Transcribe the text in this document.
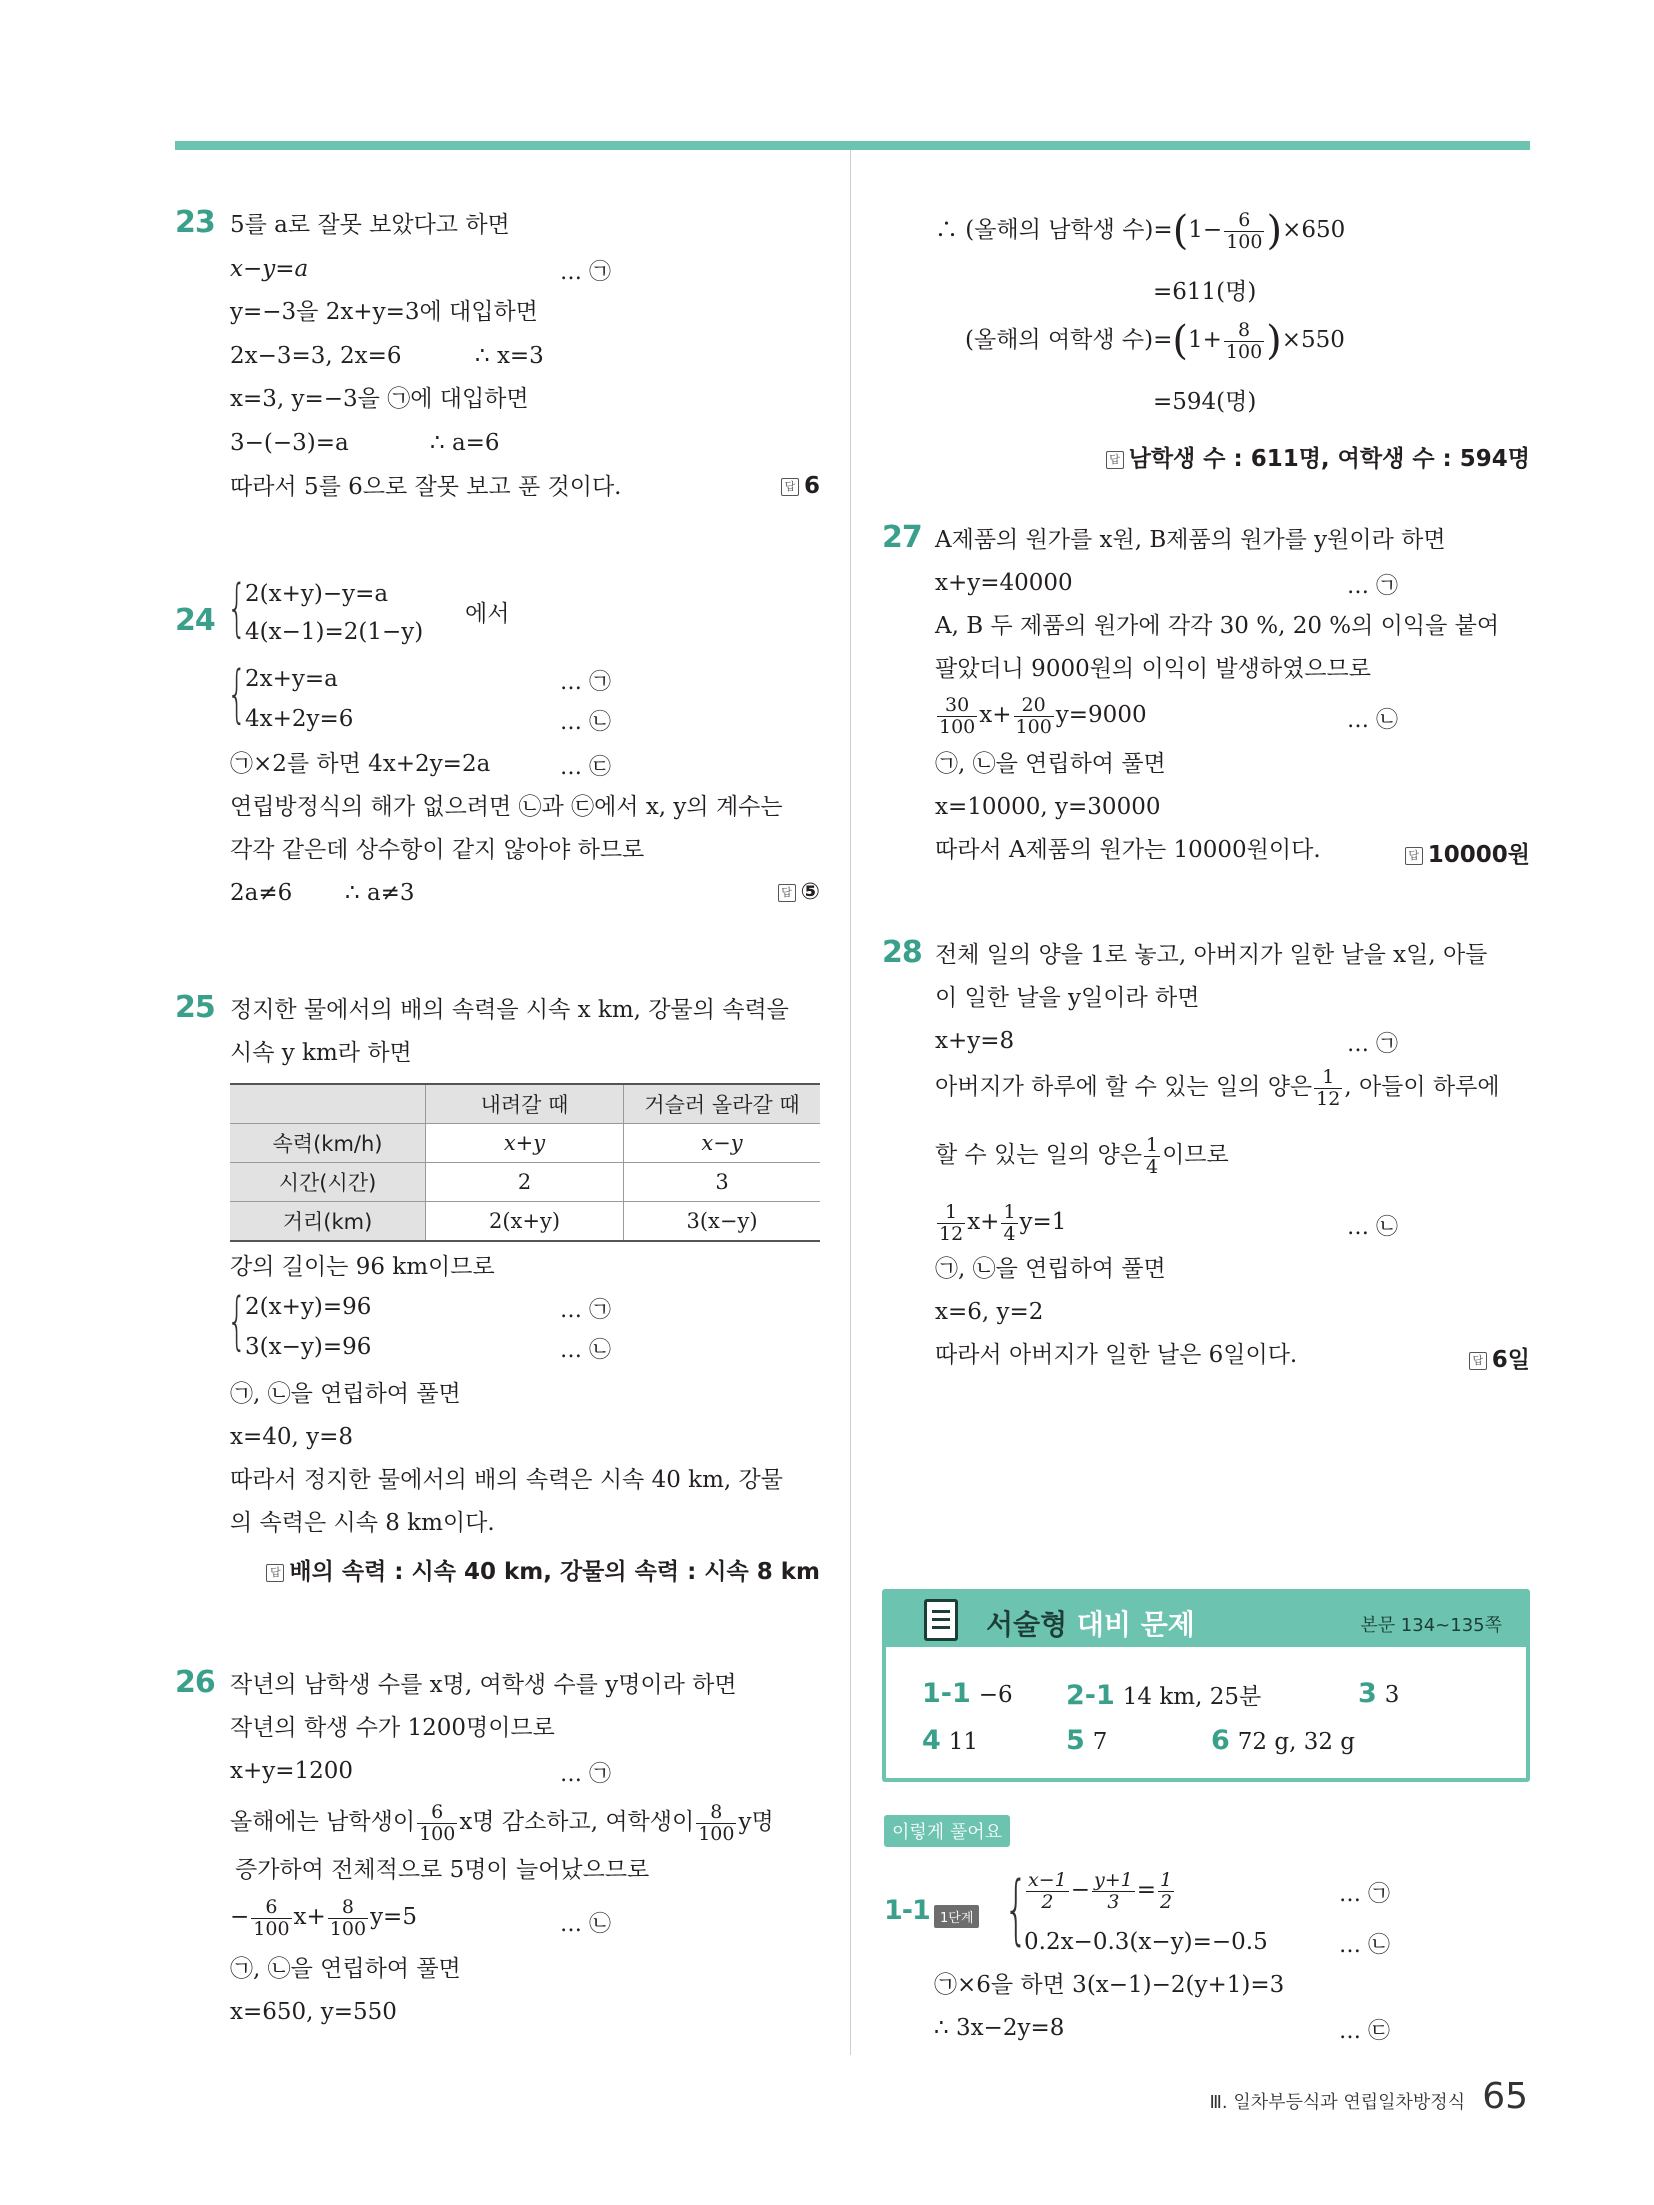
23 5를 a로 잘못 보았다고 하면
x−y=a	… ㉠
y=−3을 2x+y=3에 대입하면
2x−3=3, 2x=6	∴ x=3
x=3, y=−3을 ㉠에 대입하면
3−(−3)=a	∴ a=6
따라서 5를 6으로 잘못 보고 푼 것이다.	답 6
24 {
2(x+y)−y=a
4(x−1)=2(1−y)
에서
{
2x+y=a	… ㉠
4x+2y=6	… ㉡
㉠×2를 하면 4x+2y=2a	… ㉢
연립방정식의 해가 없으려면 ㉡과 ㉢에서 x, y의 계수는
각각 같은데 상수항이 같지 않아야 하므로
2a≠6 ∴ a≠3	답 ⑤
25 정지한 물에서의 배의 속력을 시속 x km, 강물의 속력을
시속 y km라 하면
	내려갈 때	거슬러 올라갈 때
속력(km/h)	x+y	x−y
시간(시간)	2	3
거리(km)	2(x+y)	3(x−y)
강의 길이는 96 km이므로
{
2(x+y)=96	… ㉠
3(x−y)=96	… ㉡
㉠, ㉡을 연립하여 풀면
x=40, y=8
따라서 정지한 물에서의 배의 속력은 시속 40 km, 강물
의 속력은 시속 8 km이다.
답 배의 속력 : 시속 40 km, 강물의 속력 : 시속 8 km
26 작년의 남학생 수를 x명, 여학생 수를 y명이라 하면
작년의 학생 수가 1200명이므로
x+y=1200	… ㉠
올해에는 남학생이 $\frac{6}{100}$ x명 감소하고, 여학생이 $\frac{8}{100}$ y명
증가하여 전체적으로 5명이 늘어났으므로
− $\frac{6}{100} x+ \frac{8}{100} y=5$	… ㉡
㉠, ㉡을 연립하여 풀면
x=650, y=550
∴ (올해의 남학생 수)$=(1- \frac{6}{100} )\times 650$
=611(명)
(올해의 여학생 수)$=(1+ \frac{8}{100} )\times 550$
=594(명)
답 남학생 수 : 611명, 여학생 수 : 594명
27 A제품의 원가를 x원, B제품의 원가를 y원이라 하면
x+y=40000	… ㉠
A, B 두 제품의 원가에 각각 30 %, 20 %의 이익을 붙여
팔았더니 9000원의 이익이 발생하였으므로
$\frac{30}{100} x+ \frac{20}{100} y=9000$	… ㉡
㉠, ㉡을 연립하여 풀면
x=10000, y=30000
따라서 A제품의 원가는 10000원이다.	답 10000원
28 전체 일의 양을 1로 놓고, 아버지가 일한 날을 x일, 아들
이 일한 날을 y일이라 하면
x+y=8	… ㉠
아버지가 하루에 할 수 있는 일의 양은 $\frac{1}{12}$ , 아들이 하루에
할 수 있는 일의 양은 $\frac{1}{4}$ 이므로
$\frac{1}{12} x+ \frac{1}{4} y=1$	… ㉡
㉠, ㉡을 연립하여 풀면
x=6, y=2
따라서 아버지가 일한 날은 6일이다.	답 6일
서술형 대비 문제	본문 134~135쪽
1-1 −6 2-1 14 km, 25분	3 3
4 11	5 7	6 72 g, 32 g
이렇게 풀어요
1-1 1단계 {
$\frac{x-1}{2} - \frac{y+1}{3} = \frac{1}{2}$	… ㉠
0.2x−0.3(x−y)=−0.5	… ㉡
㉠×6을 하면 3(x−1)−2(y+1)=3
∴ 3x−2y=8	… ㉢
Ⅲ. 일차부등식과 연립일차방정식 65
